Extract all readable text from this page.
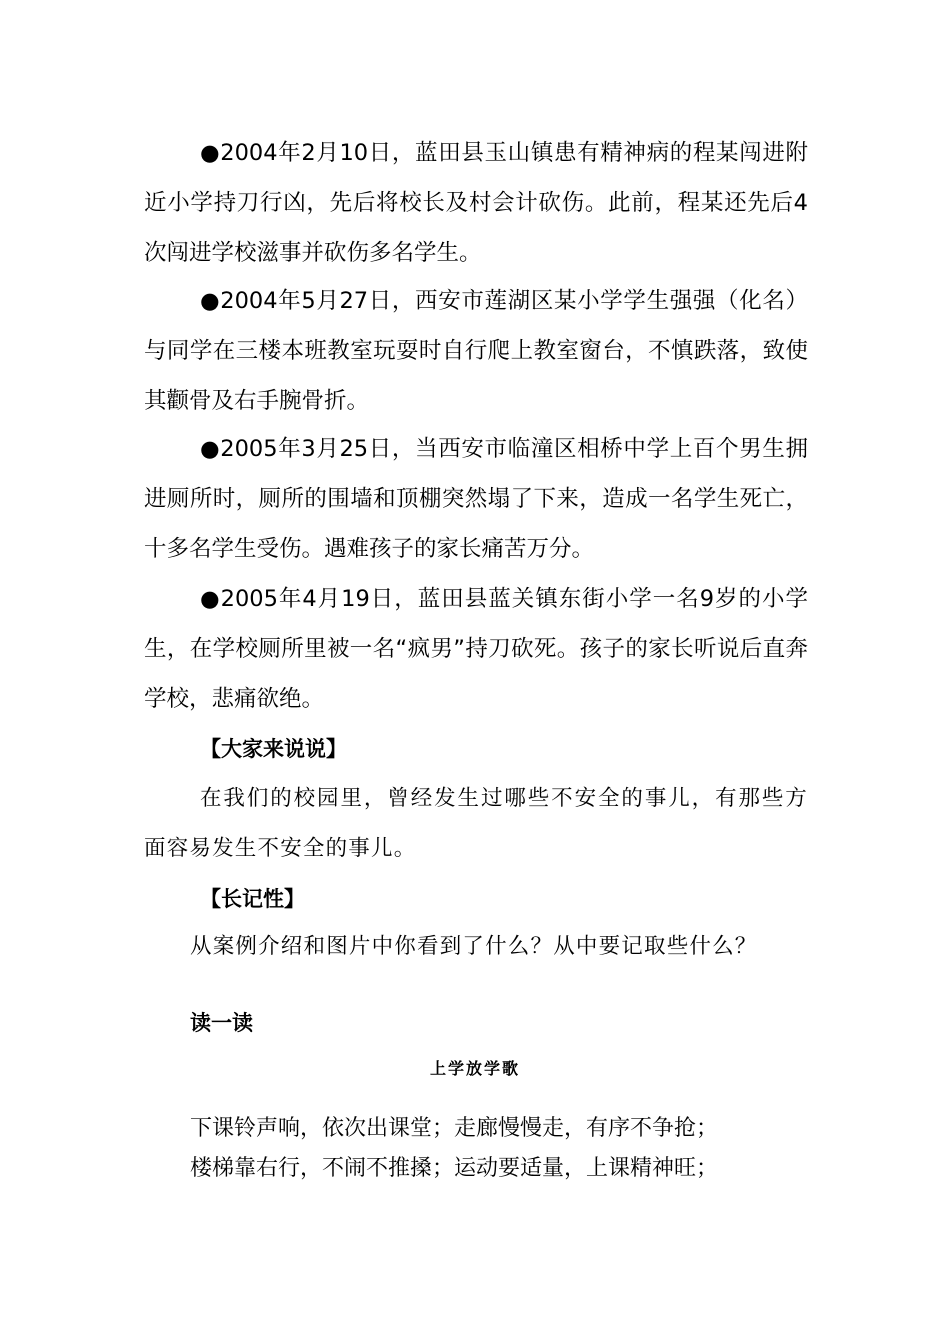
●2004年2月10日，蓝田县玉山镇患有精神病的程某闯进附近小学持刀行凶，先后将校长及村会计砍伤。此前，程某还先后4次闯进学校滋事并砍伤多名学生。

●2004年5月27日，西安市莲湖区某小学学生强强（化名）与同学在三楼本班教室玩耍时自行爬上教室窗台，不慎跌落，致使其颧骨及右手腕骨折。

●2005年3月25日，当西安市临潼区相桥中学上百个男生拥进厕所时，厕所的围墙和顶棚突然塌了下来，造成一名学生死亡，十多名学生受伤。遇难孩子的家长痛苦万分。

●2005年4月19日，蓝田县蓝关镇东街小学一名9岁的小学生，在学校厕所里被一名“疯男”持刀砍死。孩子的家长听说后直奔学校，悲痛欲绝。

【大家来说说】

在我们的校园里，曾经发生过哪些不安全的事儿，有那些方面容易发生不安全的事儿。

【长记性】

从案例介绍和图片中你看到了什么？从中要记取些什么？

读一读

上学放学歌

下课铃声响，依次出课堂；走廊慢慢走，有序不争抢；

楼梯靠右行，不闹不推搡；运动要适量，上课精神旺；
